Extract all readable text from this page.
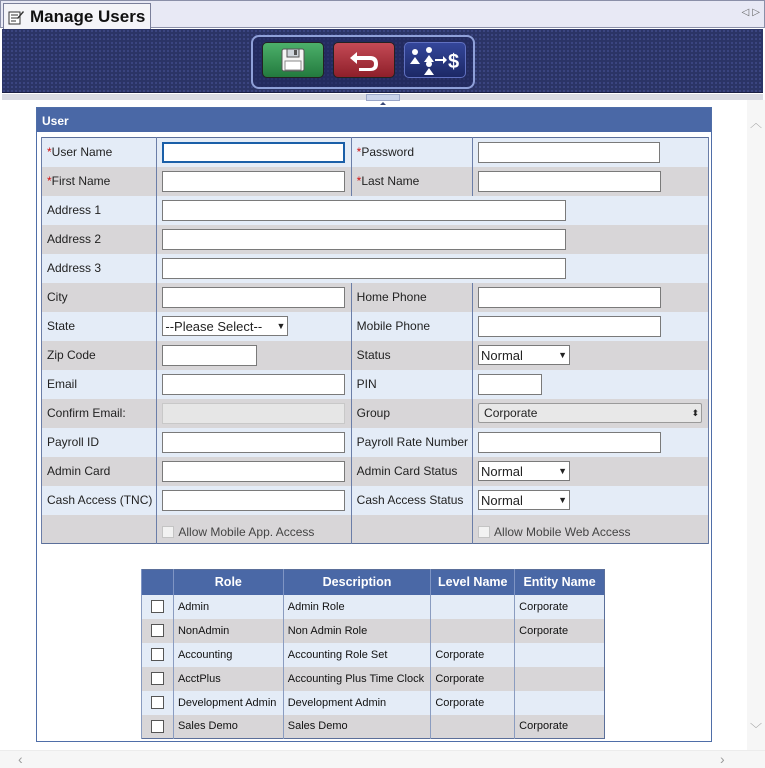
Manage Users	◁ ▷
$
︿
﹀
‹	›
User
*User Name		*Password	
*First Name		*Last Name	
Address 1	
Address 2	
Address 3	
City		Home Phone	
State	--Please Select-- ▼	Mobile Phone	
Zip Code		Status	Normal ▼

Email		PIN	
Confirm Email:		Group	Corporate ⬍

Payroll ID		Payroll Rate Number	
Admin Card		Admin Card Status	Normal ▼

Cash Access (TNC)		Cash Access Status	Normal ▼

	Allow Mobile App. Access		Allow Mobile Web Access
	Role	Description	Level Name	Entity Name

	Admin	Admin Role		Corporate

	NonAdmin	Non Admin Role		Corporate

	Accounting	Accounting Role Set	Corporate	

	AcctPlus	Accounting Plus Time Clock	Corporate	

	Development Admin	Development Admin	Corporate	

	Sales Demo	Sales Demo		Corporate
